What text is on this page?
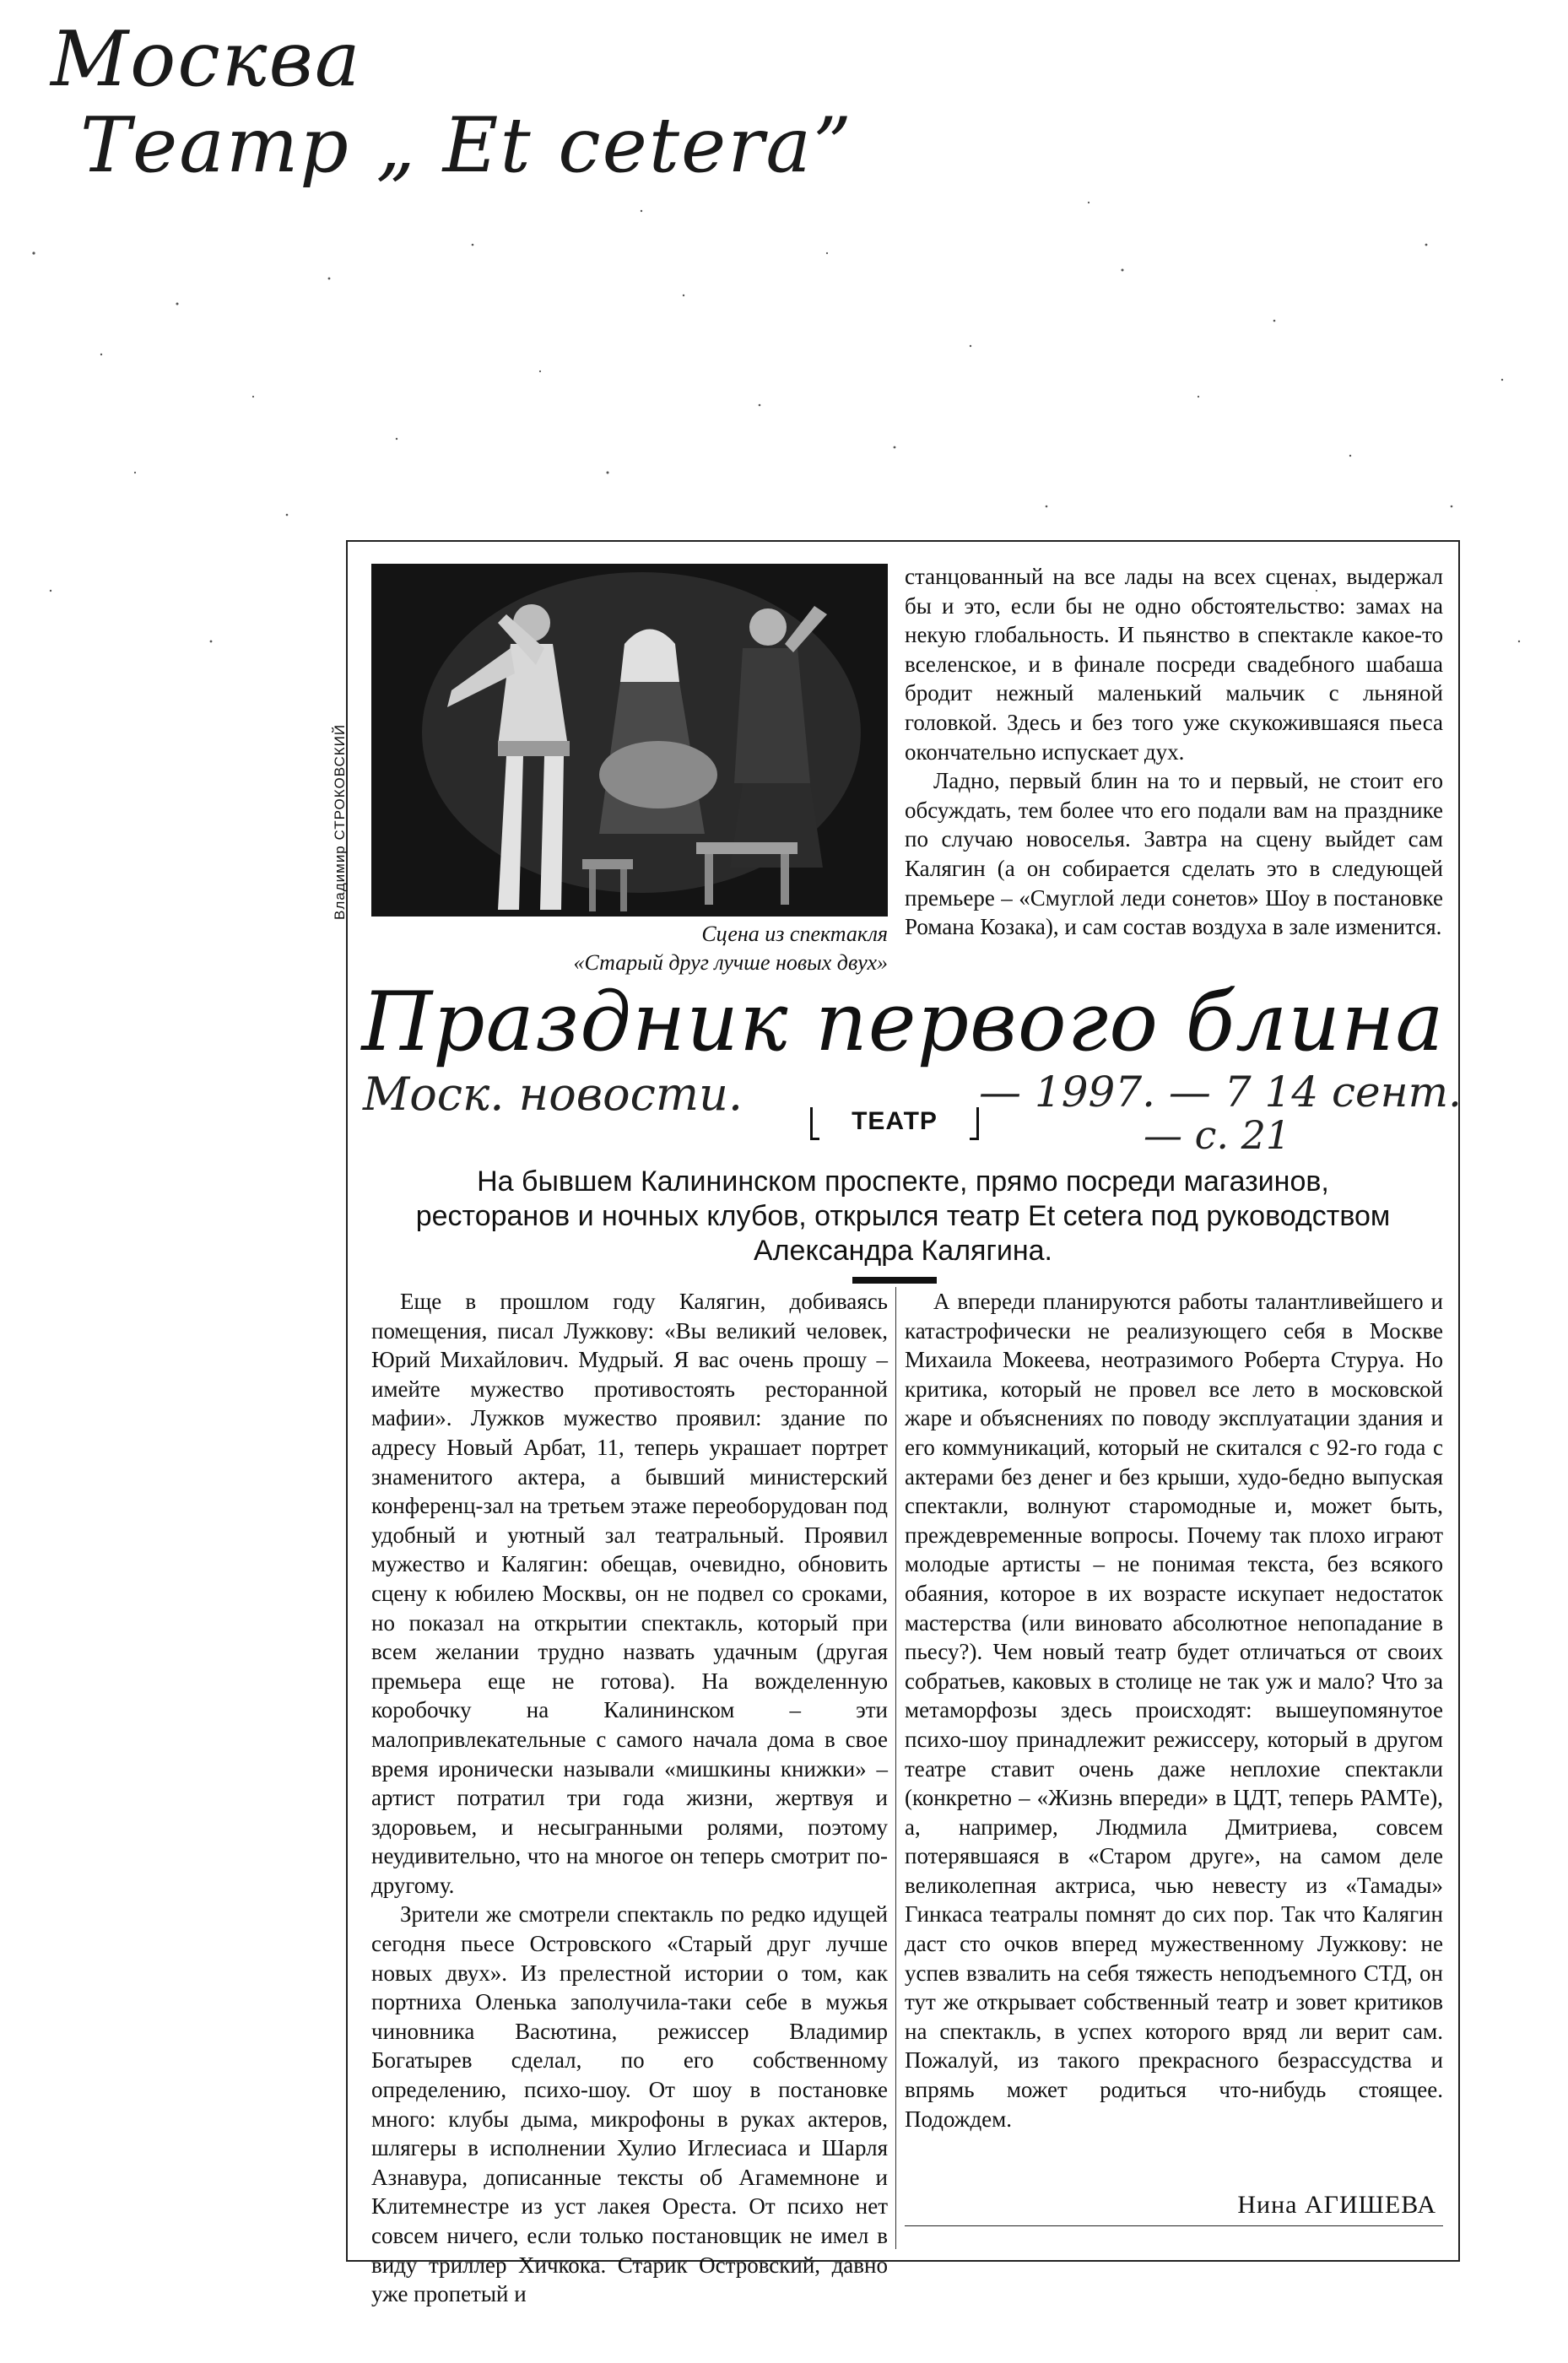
Москва
Театр „ Et cetera”
Владимир СТРОКОВСКИЙ
Сцена из спектакля
«Старый друг лучше новых двух»

станцованный на все лады на всех сценах, выдержал бы и это, если бы не одно обстоятельство: замах на некую глобальность. И пьянство в спектакле какое-то вселенское, и в финале посреди свадебного шабаша бродит нежный маленький мальчик с льняной головкой. Здесь и без того уже скукожившаяся пьеса окончательно испускает дух.

Ладно, первый блин на то и первый, не стоит его обсуждать, тем более что его подали вам на празднике по случаю новоселья. Завтра на сцену выйдет сам Калягин (а он собирается сделать это в следующей премьере – «Смуглой леди сонетов» Шоу в постановке Романа Козака), и сам состав воздуха в зале изменится.

Праздник первого блина
Моск. новости.
ТЕАТР
— 1997. — 7 14 сент.
— с. 21
На бывшем Калининском проспекте, прямо посреди магазинов, ресторанов и ночных клубов, открылся театр Et cetera под руководством Александра Калягина.

Еще в прошлом году Калягин, добиваясь помещения, писал Лужкову: «Вы великий человек, Юрий Михайлович. Мудрый. Я вас очень прошу – имейте мужество противостоять ресторанной мафии». Лужков мужество проявил: здание по адресу Новый Арбат, 11, теперь украшает портрет знаменитого актера, а бывший министерский конференц-зал на третьем этаже переоборудован под удобный и уютный зал театральный. Проявил мужество и Калягин: обещав, очевидно, обновить сцену к юбилею Москвы, он не подвел со сроками, но показал на открытии спектакль, который при всем желании трудно назвать удачным (другая премьера еще не готова). На вожделенную коробочку на Калининском – эти малопривлекательные с самого начала дома в свое время иронически называли «мишкины книжки» – артист потратил три года жизни, жертвуя и здоровьем, и несыгранными ролями, поэтому неудивительно, что на многое он теперь смотрит по-другому.

Зрители же смотрели спектакль по редко идущей сегодня пьесе Островского «Старый друг лучше новых двух». Из прелестной истории о том, как портниха Оленька заполучила-таки себе в мужья чиновника Васютина, режиссер Владимир Богатырев сделал, по его собственному определению, психо-шоу. От шоу в постановке много: клубы дыма, микрофоны в руках актеров, шлягеры в исполнении Хулио Иглесиаса и Шарля Азнавура, дописанные тексты об Агамемноне и Клитемнестре из уст лакея Ореста. От психо нет совсем ничего, если только постановщик не имел в виду триллер Хичкока. Старик Островский, давно уже пропетый и

А впереди планируются работы талантливейшего и катастрофически не реализующего себя в Москве Михаила Мокеева, неотразимого Роберта Стуруа. Но критика, который не провел все лето в московской жаре и объяснениях по поводу эксплуатации здания и его коммуникаций, который не скитался с 92-го года с актерами без денег и без крыши, худо-бедно выпуская спектакли, волнуют старомодные и, может быть, преждевременные вопросы. Почему так плохо играют молодые артисты – не понимая текста, без всякого обаяния, которое в их возрасте искупает недостаток мастерства (или виновато абсолютное непопадание в пьесу?). Чем новый театр будет отличаться от своих собратьев, каковых в столице не так уж и мало? Что за метаморфозы здесь происходят: вышеупомянутое психо-шоу принадлежит режиссеру, который в другом театре ставит очень даже неплохие спектакли (конкретно – «Жизнь впереди» в ЦДТ, теперь РАМТе), а, например, Людмила Дмитриева, совсем потерявшаяся в «Старом друге», на самом деле великолепная актриса, чью невесту из «Тамады» Гинкаса театралы помнят до сих пор. Так что Калягин даст сто очков вперед мужественному Лужкову: не успев взвалить на себя тяжесть неподъемного СТД, он тут же открывает собственный театр и зовет критиков на спектакль, в успех которого вряд ли верит сам. Пожалуй, из такого прекрасного безрассудства и впрямь может родиться что-нибудь стоящее. Подождем.

Нина АГИШЕВА
